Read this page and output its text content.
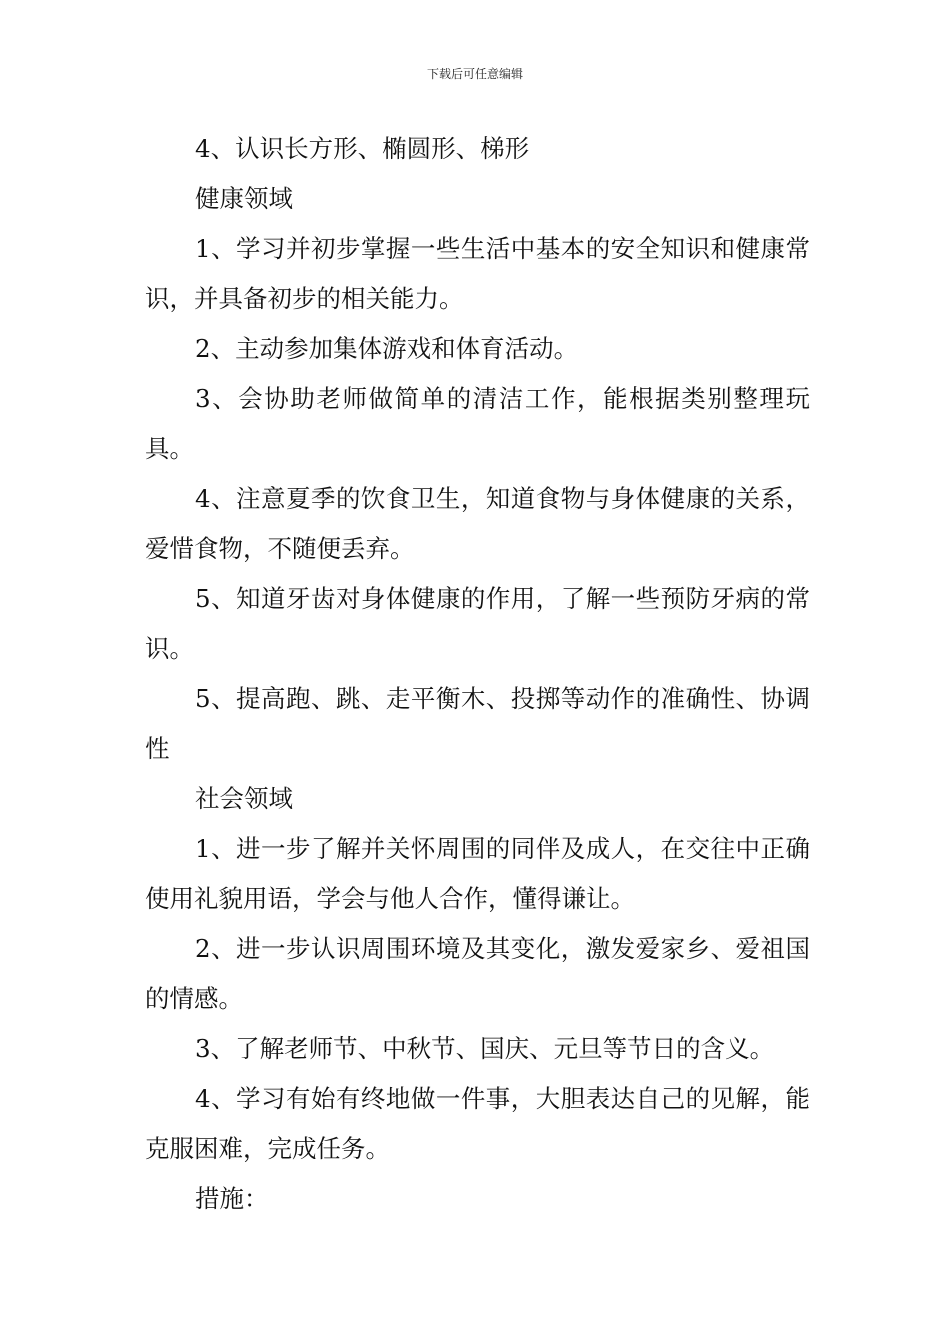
下载后可任意编辑

4、认识长方形、椭圆形、梯形

健康领域

1、学习并初步掌握一些生活中基本的安全知识和健康常识，并具备初步的相关能力。

2、主动参加集体游戏和体育活动。

3、会协助老师做简单的清洁工作，能根据类别整理玩具。

4、注意夏季的饮食卫生，知道食物与身体健康的关系，爱惜食物，不随便丢弃。

5、知道牙齿对身体健康的作用，了解一些预防牙病的常识。

5、提高跑、跳、走平衡木、投掷等动作的准确性、协调性

社会领域

1、进一步了解并关怀周围的同伴及成人，在交往中正确使用礼貌用语，学会与他人合作，懂得谦让。

2、进一步认识周围环境及其变化，激发爱家乡、爱祖国的情感。

3、了解老师节、中秋节、国庆、元旦等节日的含义。

4、学习有始有终地做一件事，大胆表达自己的见解，能克服困难，完成任务。

措施：
